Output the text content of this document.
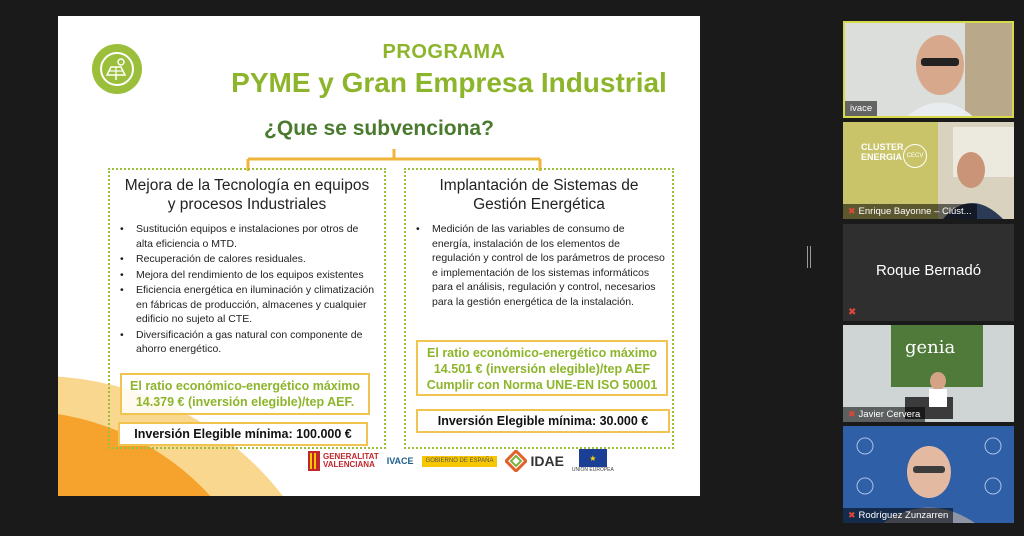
PROGRAMA
PYME y Gran Empresa Industrial
¿Que se subvenciona?
Mejora de la Tecnología en equipos
y procesos Industriales
• Sustitución equipos e instalaciones por otros de alta eficiencia o MTD.
• Recuperación de calores residuales.
• Mejora del rendimiento de los equipos existentes
• Eficiencia energética en iluminación y climatización en fábricas de producción, almacenes y cualquier edificio no sujeto al CTE.
• Diversificación a gas natural con componente de ahorro energético.
El ratio económico-energético máximo
14.379 € (inversión elegible)/tep AEF.
Inversión Elegible mínima: 100.000 €
Implantación de Sistemas de
Gestión Energética
• Medición de las variables de consumo de energía, instalación de los elementos de regulación y control de los parámetros de proceso e implementación de los sistemas informáticos para el análisis, regulación y control, necesarios para la gestión energética de la instalación.
El ratio económico-energético máximo
14.501 € (inversión elegible)/tep AEF
Cumplir con Norma UNE-EN ISO 50001
Inversión Elegible mínima: 30.000 €
GENERALITAT
VALENCIANA	IVACE GOBIERNO DE ESPAÑA	IDAE	★
UNIÓN EUROPEA
ivace
CLUSTER
ENERGIA CECV
✖ Enrique Bayonne – Clúst...
Roque Bernadó
✖
genia
✖ Javier Cervera
✖ Rodríguez Zunzarren
